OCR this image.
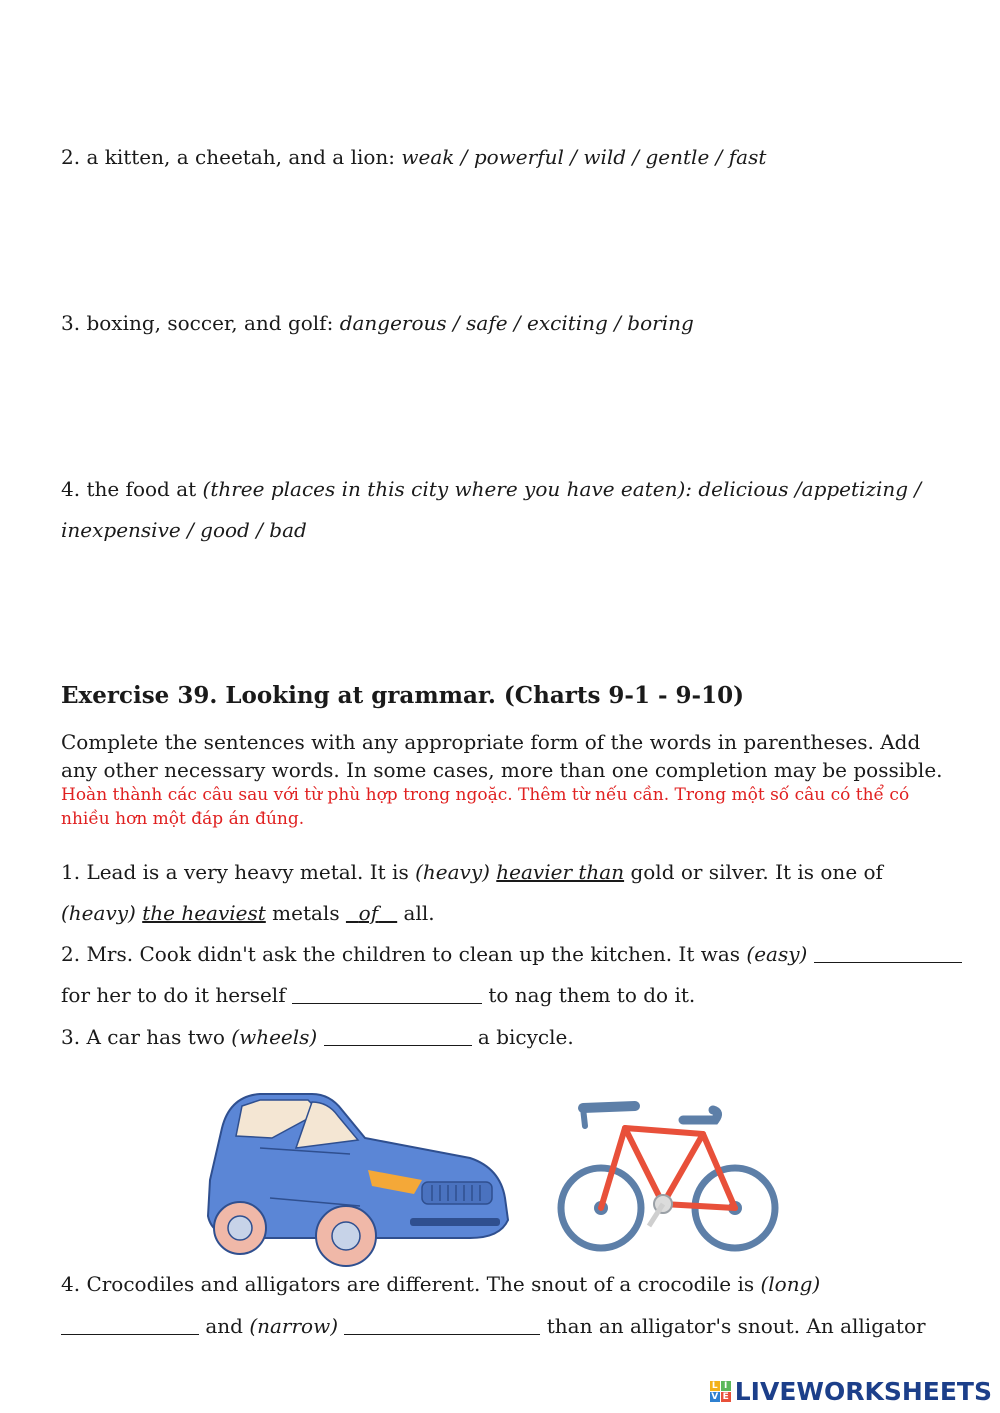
2. a kitten, a cheetah, and a lion: weak / powerful / wild / gentle / fast
3. boxing, soccer, and golf: dangerous / safe / exciting / boring
4. the food at (three places in this city where you have eaten): delicious /appetizing /
inexpensive / good / bad
Exercise 39. Looking at grammar. (Charts 9-1 - 9-10)
Complete the sentences with any appropriate form of the words in parentheses. Add
any other necessary words. In some cases, more than one completion may be possible.
Hoàn thành các câu sau với từ phù hợp trong ngoặc. Thêm từ nếu cần. Trong một số câu có thể có
nhiều hơn một đáp án đúng.
1. Lead is a very heavy metal. It is (heavy) heavier than gold or silver. It is one of
(heavy) the heaviest metals   of    all.
2. Mrs. Cook didn't ask the children to clean up the kitchen. It was (easy)
for her to do it herself	to nag them to do it.
3. A car has two (wheels)	a bicycle.
4. Crocodiles and alligators are different. The snout of a crocodile is (long)
and (narrow)	than an alligator's snout. An alligator
L I
V E LIVEWORKSHEETS
